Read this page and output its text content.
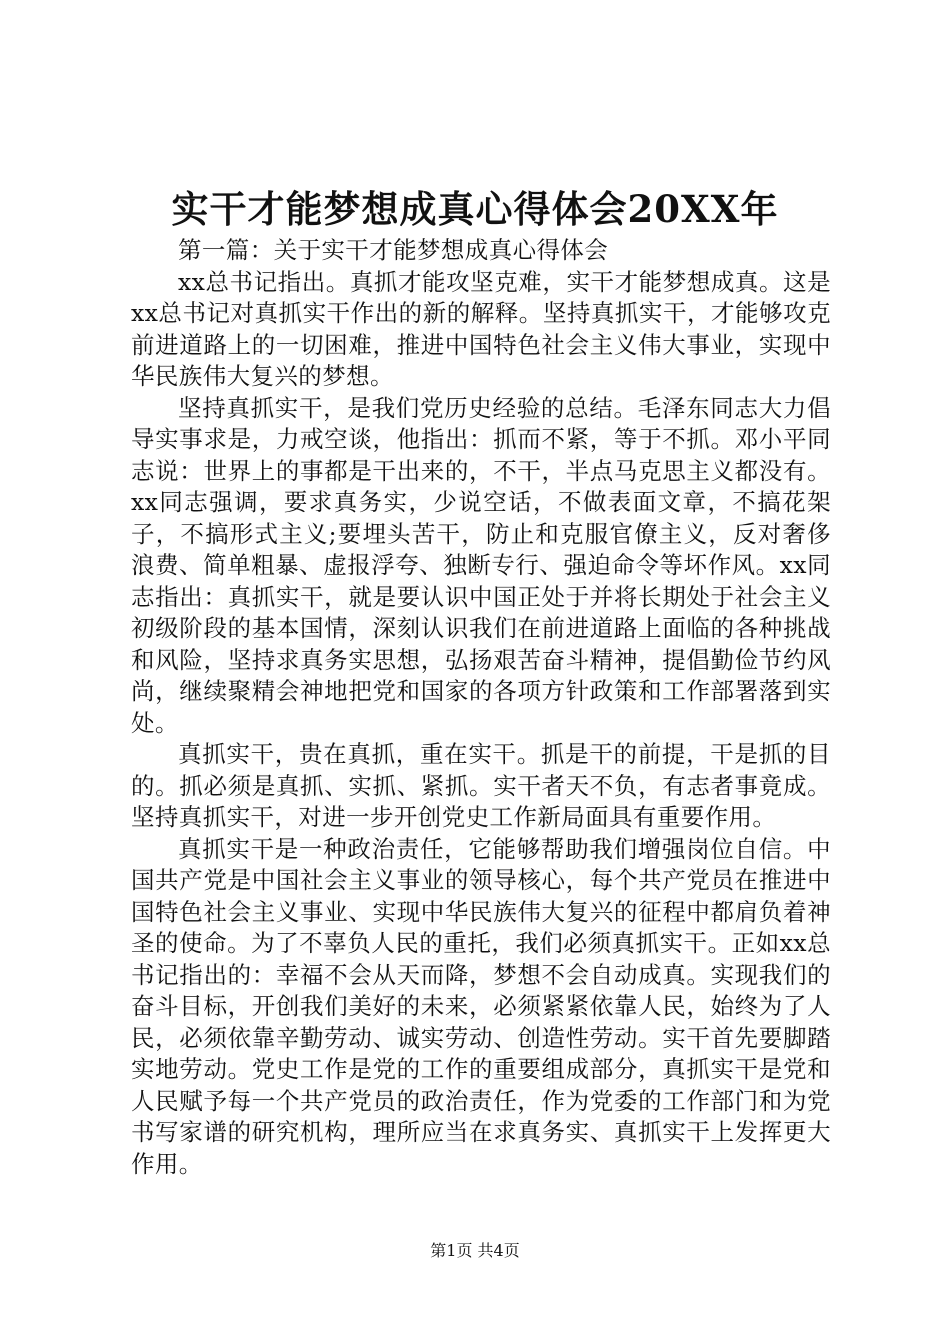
实干才能梦想成真心得体会20XX年

第一篇：关于实干才能梦想成真心得体会

xx总书记指出。真抓才能攻坚克难，实干才能梦想成真。这是xx总书记对真抓实干作出的新的解释。坚持真抓实干，才能够攻克前进道路上的一切困难，推进中国特色社会主义伟大事业，实现中华民族伟大复兴的梦想。

坚持真抓实干，是我们党历史经验的总结。毛泽东同志大力倡导实事求是，力戒空谈，他指出：抓而不紧，等于不抓。邓小平同志说：世界上的事都是干出来的，不干，半点马克思主义都没有。xx同志强调，要求真务实，少说空话，不做表面文章，不搞花架子，不搞形式主义;要埋头苦干，防止和克服官僚主义，反对奢侈浪费、简单粗暴、虚报浮夸、独断专行、强迫命令等坏作风。xx同志指出：真抓实干，就是要认识中国正处于并将长期处于社会主义初级阶段的基本国情，深刻认识我们在前进道路上面临的各种挑战和风险，坚持求真务实思想，弘扬艰苦奋斗精神，提倡勤俭节约风尚，继续聚精会神地把党和国家的各项方针政策和工作部署落到实处。

真抓实干，贵在真抓，重在实干。抓是干的前提，干是抓的目的。抓必须是真抓、实抓、紧抓。实干者天不负，有志者事竟成。坚持真抓实干，对进一步开创党史工作新局面具有重要作用。

真抓实干是一种政治责任，它能够帮助我们增强岗位自信。中国共产党是中国社会主义事业的领导核心，每个共产党员在推进中国特色社会主义事业、实现中华民族伟大复兴的征程中都肩负着神圣的使命。为了不辜负人民的重托，我们必须真抓实干。正如xx总书记指出的：幸福不会从天而降，梦想不会自动成真。实现我们的奋斗目标，开创我们美好的未来，必须紧紧依靠人民，始终为了人民，必须依靠辛勤劳动、诚实劳动、创造性劳动。实干首先要脚踏实地劳动。党史工作是党的工作的重要组成部分，真抓实干是党和人民赋予每一个共产党员的政治责任，作为党委的工作部门和为党书写家谱的研究机构，理所应当在求真务实、真抓实干上发挥更大作用。

第1页 共4页
